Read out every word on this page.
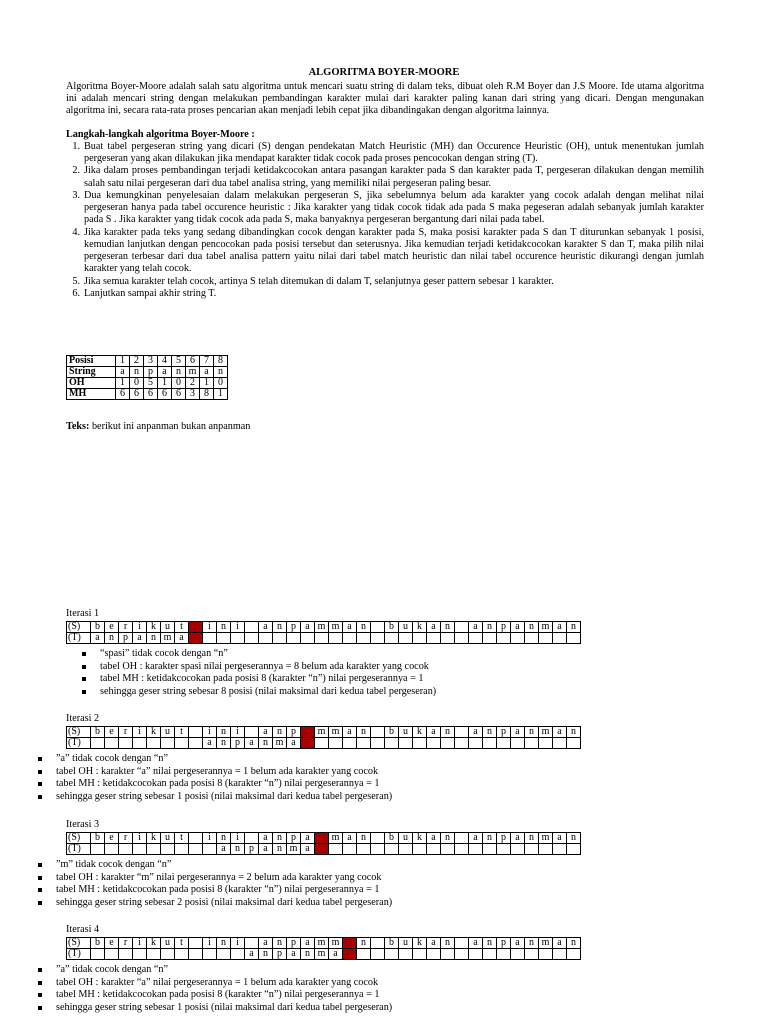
ALGORITMA BOYER-MOORE
Algoritma Boyer-Moore adalah salah satu algoritma untuk mencari suatu string di dalam teks, dibuat oleh R.M Boyer dan J.S Moore. Ide utama algoritma ini adalah mencari string dengan melakukan pembandingan karakter mulai dari karakter paling kanan dari string yang dicari. Dengan mengunakan algoritma ini, secara rata-rata proses pencarian akan menjadi lebih cepat jika dibandingakan dengan algoritma lainnya.
Langkah-langkah algoritma Boyer-Moore :
1. Buat tabel pergeseran string yang dicari (S) dengan pendekatan Match Heuristic (MH) dan Occurence Heuristic (OH), untuk menentukan jumlah pergeseran yang akan dilakukan jika mendapat karakter tidak cocok pada proses pencocokan dengan string (T).
2. Jika dalam proses pembandingan terjadi ketidakcocokan antara pasangan karakter pada S dan karakter pada T, pergeseran dilakukan dengan memilih salah satu nilai pergeseran dari dua tabel analisa string, yang memiliki nilai pergeseran paling besar.
3. Dua kemungkinan penyelesaian dalam melakukan pergeseran S, jika sebelumnya belum ada karakter yang cocok adalah dengan melihat nilai pergeseran hanya pada tabel occurence heuristic : Jika karakter yang tidak cocok tidak ada pada S maka pegeseran adalah sebanyak jumlah karakter pada S . Jika karakter yang tidak cocok ada pada S, maka banyaknya pergeseran bergantung dari nilai pada tabel.
4. Jika karakter pada teks yang sedang dibandingkan cocok dengan karakter pada S, maka posisi karakter pada S dan T diturunkan sebanyak 1 posisi, kemudian lanjutkan dengan pencocokan pada posisi tersebut dan seterusnya. Jika kemudian terjadi ketidakcocokan karakter S dan T, maka pilih nilai pergeseran terbesar dari dua tabel analisa pattern yaitu nilai dari tabel match heuristic dan nilai tabel occurence heuristic dikurangi dengan jumlah karakter yang telah cocok.
5. Jika semua karakter telah cocok, artinya S telah ditemukan di dalam T, selanjutnya geser pattern sebesar 1 karakter.
6. Lanjutkan sampai akhir string T.
Posisi	1	2	3	4	5	6	7	8
String	a	n	p	a	n	m	a	n
OH	1	0	5	1	0	2	1	0
MH	6	6	6	6	6	3	8	1
Teks: berikut ini anpanman bukan anpanman
Iterasi 1
(S)	b	e	r	i	k	u	t		i	n	i		a	n	p	a	m	m	a	n		b	u	k	a	n		a	n	p	a	n	m	a	n
(T)	a	n	p	a	n	m	a	n																											
“spasi” tidak cocok dengan “n”
tabel OH : karakter spasi nilai pergeserannya = 8 belum ada karakter yang cocok
tabel MH : ketidakcocokan pada posisi 8 (karakter “n”) nilai pergeserannya = 1
sehingga geser string sebesar 8 posisi (nilai maksimal dari kedua tabel pergeseran)
Iterasi 2
(S)	b	e	r	i	k	u	t		i	n	i		a	n	p	a	m	m	a	n		b	u	k	a	n		a	n	p	a	n	m	a	n
(T)									a	n	p	a	n	m	a	n																			
”a” tidak cocok dengan “n”
tabel OH : karakter “a” nilai pergeserannya = 1 belum ada karakter yang cocok
tabel MH : ketidakcocokan pada posisi 8 (karakter “n”) nilai pergeserannya = 1
sehingga geser string sebesar 1 posisi (nilai maksimal dari kedua tabel pergeseran)
Iterasi 3
(S)	b	e	r	i	k	u	t		i	n	i		a	n	p	a	m	m	a	n		b	u	k	a	n		a	n	p	a	n	m	a	n
(T)										a	n	p	a	n	m	a	n																		
”m” tidak cocok dengan “n”
tabel OH : karakter “m” nilai pergeserannya = 2 belum ada karakter yang cocok
tabel MH : ketidakcocokan pada posisi 8 (karakter “n”) nilai pergeserannya = 1
sehingga geser string sebesar 2 posisi (nilai maksimal dari kedua tabel pergeseran)
Iterasi 4
(S)	b	e	r	i	k	u	t		i	n	i		a	n	p	a	m	m	a	n		b	u	k	a	n		a	n	p	a	n	m	a	n
(T)												a	n	p	a	n	m	a	n																
”a” tidak cocok dengan “n”
tabel OH : karakter “a” nilai pergeserannya = 1 belum ada karakter yang cocok
tabel MH : ketidakcocokan pada posisi 8 (karakter “n”) nilai pergeserannya = 1
sehingga geser string sebesar 1 posisi (nilai maksimal dari kedua tabel pergeseran)
